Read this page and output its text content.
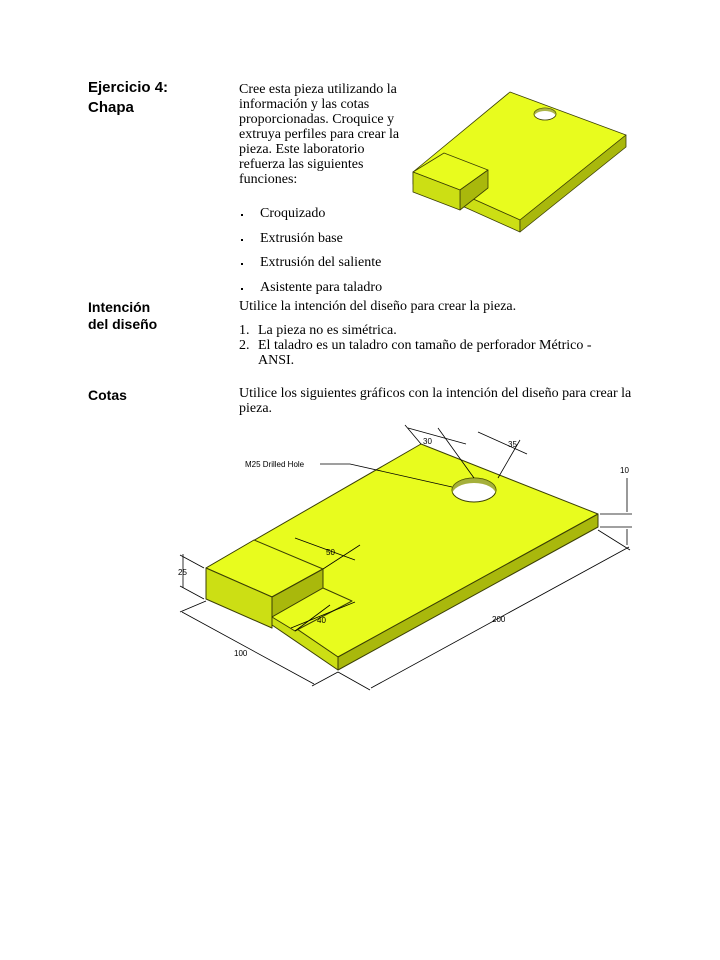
Ejercicio 4:
Chapa
Cree esta pieza utilizando la información y las cotas proporcionadas. Croquice y extruya perfiles para crear la pieza. Este laboratorio refuerza las siguientes funciones:
Croquizado
Extrusión base
Extrusión del saliente
Asistente para taladro
Intención
del diseño
Utilice la intención del diseño para crear la pieza.
1. La pieza no es simétrica.
2. El taladro es un taladro con tamaño de perforador Métrico - ANSI.
Cotas	Utilice los siguientes gráficos con la intención del diseño para crear la pieza.
M25 Drilled Hole
30	35
10
50
25
40	200
100
